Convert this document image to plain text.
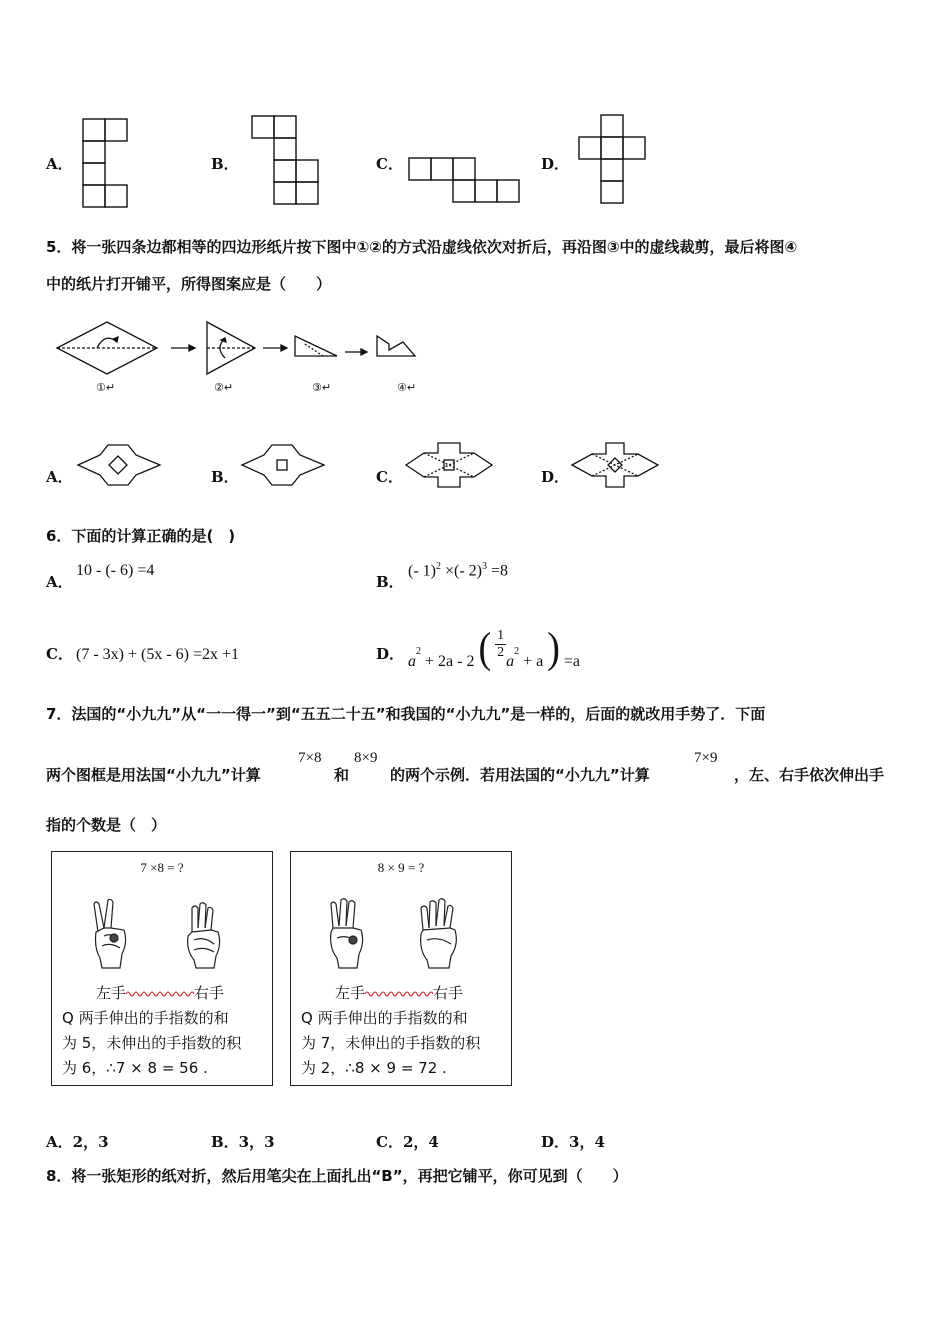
A．	B．	C．	D．
5．将一张四条边都相等的四边形纸片按下图中①②的方式沿虚线依次对折后，再沿图③中的虚线裁剪，最后将图④
中的纸片打开铺平，所得图案应是（　　）
①↵	②↵	③↵	④↵
A．	B．	C．	D．
6．下面的计算正确的是(　)
A．
10 - (- 6) =4
B．
(- 1)$^2$ ×(- 2)$^3$ =8
C． (7 - 3x) + (5x - 6) =2x +1	D． $a^2 + 2a - 2$ ( $\frac{1}{2}$
$a^2 + a$ ) =a
7．法国的“小九九”从“一一得一”到“五五二十五”和我国的“小九九”是一样的，后面的就改用手势了．下面
两个图框是用法国“小九九”计算
7×8
和
8×9
的两个示例．若用法国的“小九九”计算
7×9
，左、右手依次伸出手
指的个数是（　）
7 ×8 = ?
左手	右手
Q 两手伸出的手指数的和
为 5，未伸出的手指数的积
为 6，∴7 × 8 = 56 .
8 × 9 = ?
左手	右手
Q 两手伸出的手指数的和
为 7，未伸出的手指数的积
为 2，∴8 × 9 = 72 .
A．2，3	B．3，3	C．2，4	D．3，4
8．将一张矩形的纸对折，然后用笔尖在上面扎出“B”，再把它铺平，你可见到（　　）
